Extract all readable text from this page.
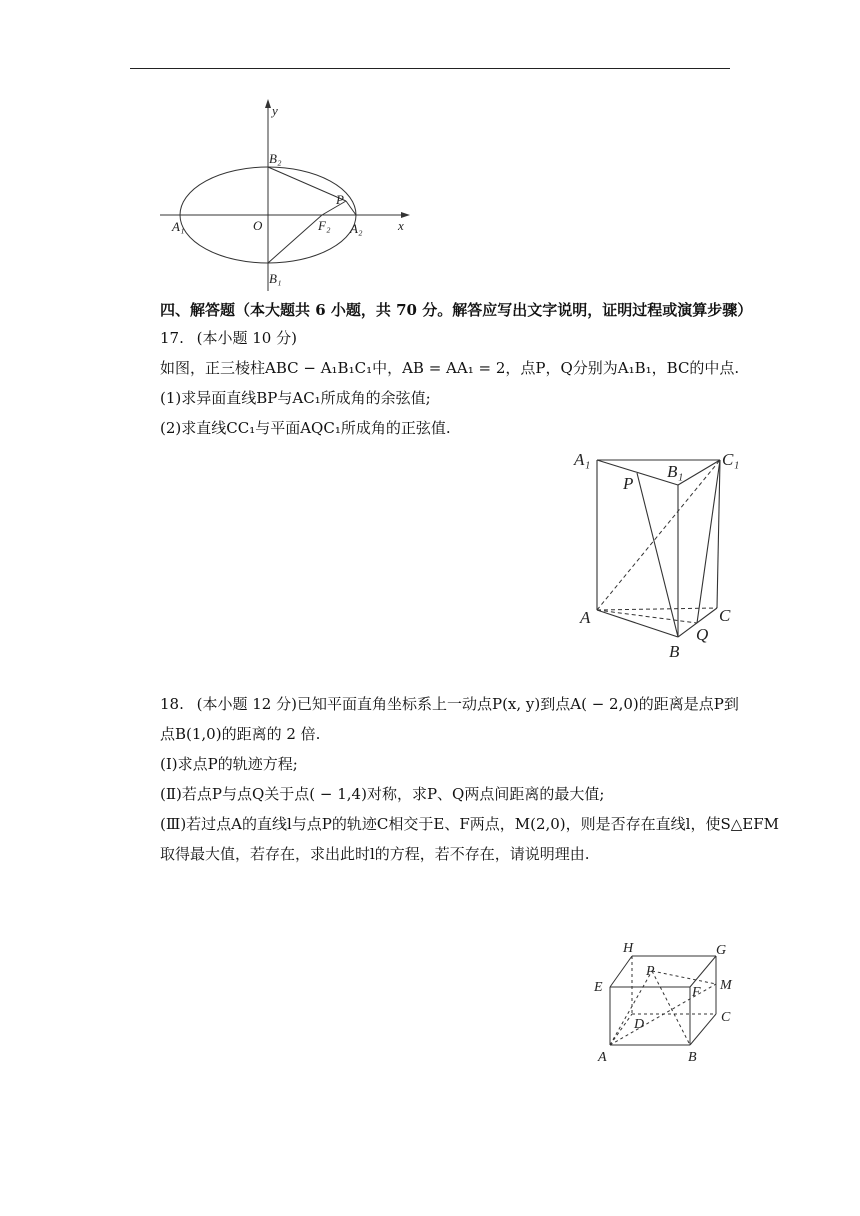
y
x
O
B₂
B₁
A₁	A₂
F₂
P
四、解答题（本大题共 6 小题，共 70 分。解答应写出文字说明，证明过程或演算步骤）
17. (本小题 10 分)
如图，正三棱柱ABC − A₁B₁C₁中，AB = AA₁ = 2，点P，Q分别为A₁B₁，BC的中点.
(1)求异面直线BP与AC₁所成角的余弦值;
(2)求直线CC₁与平面AQC₁所成角的正弦值.
A₁
B₁
C₁
P
A	C
Q
B
18. (本小题 12 分)已知平面直角坐标系上一动点P(x, y)到点A( − 2,0)的距离是点P到
点B(1,0)的距离的 2 倍.
(Ⅰ)求点P的轨迹方程;
(Ⅱ)若点P与点Q关于点( − 1,4)对称，求P、Q两点间距离的最大值;
(Ⅲ)若过点A的直线l与点P的轨迹C相交于E、F两点，M(2,0)，则是否存在直线l，使S△EFM
取得最大值，若存在，求出此时l的方程，若不存在，请说明理由.
H	G
E
P
F M
D	C
A	B
